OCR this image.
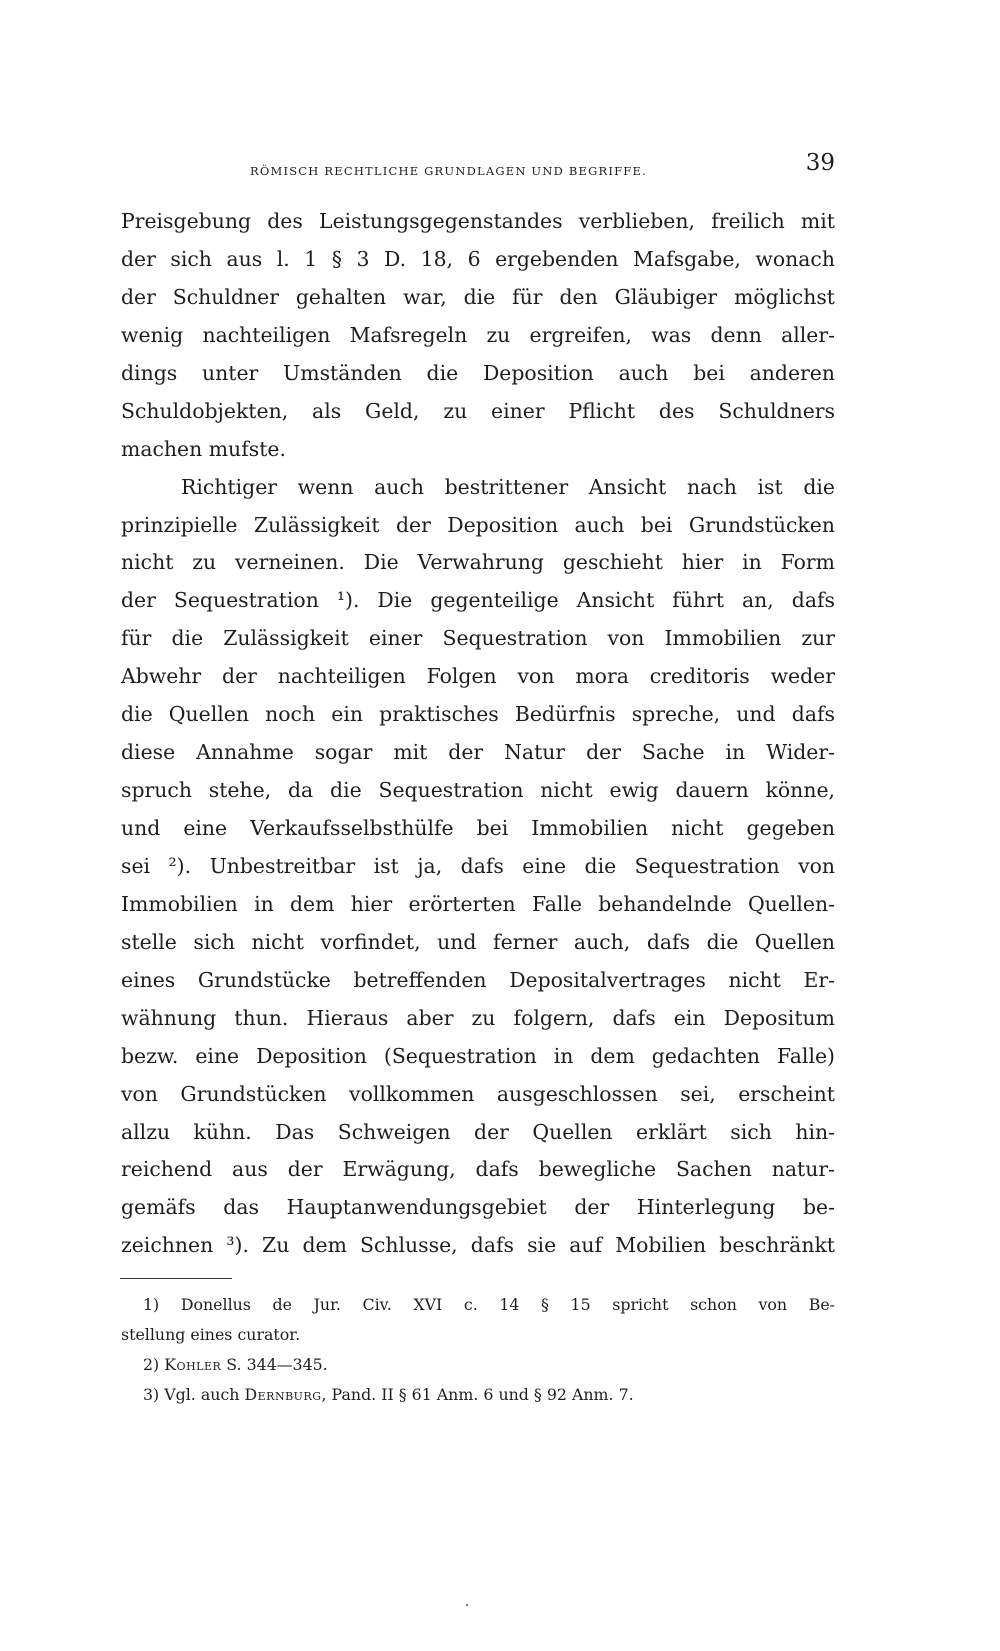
RÖMISCH RECHTLICHE GRUNDLAGEN UND BEGRIFFE.	39
Preisgebung des Leistungsgegenstandes verblieben, freilich mit
der sich aus l. 1 § 3 D. 18, 6 ergebenden Mafsgabe, wonach
der Schuldner gehalten war, die für den Gläubiger möglichst
wenig nachteiligen Mafsregeln zu ergreifen, was denn aller-
dings unter Umständen die Deposition auch bei anderen
Schuldobjekten, als Geld, zu einer Pflicht des Schuldners
machen mufste.
Richtiger wenn auch bestrittener Ansicht nach ist die
prinzipielle Zulässigkeit der Deposition auch bei Grundstücken
nicht zu verneinen. Die Verwahrung geschieht hier in Form
der Sequestration ¹). Die gegenteilige Ansicht führt an, dafs
für die Zulässigkeit einer Sequestration von Immobilien zur
Abwehr der nachteiligen Folgen von mora creditoris weder
die Quellen noch ein praktisches Bedürfnis spreche, und dafs
diese Annahme sogar mit der Natur der Sache in Wider-
spruch stehe, da die Sequestration nicht ewig dauern könne,
und eine Verkaufsselbsthülfe bei Immobilien nicht gegeben
sei ²). Unbestreitbar ist ja, dafs eine die Sequestration von
Immobilien in dem hier erörterten Falle behandelnde Quellen-
stelle sich nicht vorfindet, und ferner auch, dafs die Quellen
eines Grundstücke betreffenden Depositalvertrages nicht Er-
wähnung thun. Hieraus aber zu folgern, dafs ein Depositum
bezw. eine Deposition (Sequestration in dem gedachten Falle)
von Grundstücken vollkommen ausgeschlossen sei, erscheint
allzu kühn. Das Schweigen der Quellen erklärt sich hin-
reichend aus der Erwägung, dafs bewegliche Sachen natur-
gemäfs das Hauptanwendungsgebiet der Hinterlegung be-
zeichnen ³). Zu dem Schlusse, dafs sie auf Mobilien beschränkt
1) Donellus de Jur. Civ. XVI c. 14 § 15 spricht schon von Be-
stellung eines curator.
2) Kohler S. 344—345.
3) Vgl. auch Dernburg, Pand. II § 61 Anm. 6 und § 92 Anm. 7.
